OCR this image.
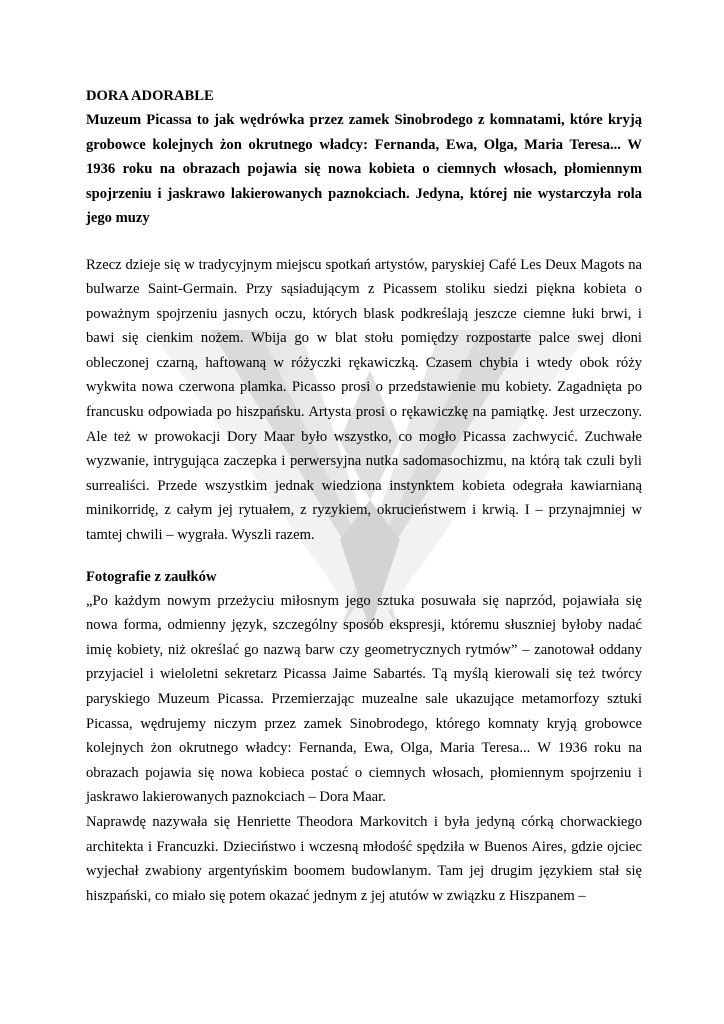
DORA ADORABLE

Muzeum Picassa to jak wędrówka przez zamek Sinobrodego z komnatami, które kryją grobowce kolejnych żon okrutnego władcy: Fernanda, Ewa, Olga, Maria Teresa... W 1936 roku na obrazach pojawia się nowa kobieta o ciemnych włosach, płomiennym spojrzeniu i jaskrawo lakierowanych paznokciach. Jedyna, której nie wystarczyła rola jego muzy

Rzecz dzieje się w tradycyjnym miejscu spotkań artystów, paryskiej Café Les Deux Magots na bulwarze Saint-Germain. Przy sąsiadującym z Picassem stoliku siedzi piękna kobieta o poważnym spojrzeniu jasnych oczu, których blask podkreślają jeszcze ciemne łuki brwi, i bawi się cienkim nożem. Wbija go w blat stołu pomiędzy rozpostarte palce swej dłoni obleczonej czarną, haftowaną w różyczki rękawiczką. Czasem chybia i wtedy obok róży wykwita nowa czerwona plamka. Picasso prosi o przedstawienie mu kobiety. Zagadnięta po francusku odpowiada po hiszpańsku. Artysta prosi o rękawiczkę na pamiątkę. Jest urzeczony. Ale też w prowokacji Dory Maar było wszystko, co mogło Picassa zachwycić. Zuchwałe wyzwanie, intrygująca zaczepka i perwersyjna nutka sadomasochizmu, na którą tak czuli byli surrealiści. Przede wszystkim jednak wiedziona instynktem kobieta odegrała kawiarnianą minikorridę, z całym jej rytuałem, z ryzykiem, okrucieństwem i krwią. I – przynajmniej w tamtej chwili – wygrała. Wyszli razem.

Fotografie z zaułków

„Po każdym nowym przeżyciu miłosnym jego sztuka posuwała się naprzód, pojawiała się nowa forma, odmienny język, szczególny sposób ekspresji, któremu słuszniej byłoby nadać imię kobiety, niż określać go nazwą barw czy geometrycznych rytmów” – zanotował oddany przyjaciel i wieloletni sekretarz Picassa Jaime Sabartés. Tą myślą kierowali się też twórcy paryskiego Muzeum Picassa. Przemierzając muzealne sale ukazujące metamorfozy sztuki Picassa, wędrujemy niczym przez zamek Sinobrodego, którego komnaty kryją grobowce kolejnych żon okrutnego władcy: Fernanda, Ewa, Olga, Maria Teresa... W 1936 roku na obrazach pojawia się nowa kobieca postać o ciemnych włosach, płomiennym spojrzeniu i jaskrawo lakierowanych paznokciach – Dora Maar.

Naprawdę nazywała się Henriette Theodora Markovitch i była jedyną córką chorwackiego architekta i Francuzki. Dzieciństwo i wczesną młodość spędziła w Buenos Aires, gdzie ojciec wyjechał zwabiony argentyńskim boomem budowlanym. Tam jej drugim językiem stał się hiszpański, co miało się potem okazać jednym z jej atutów w związku z Hiszpanem –
